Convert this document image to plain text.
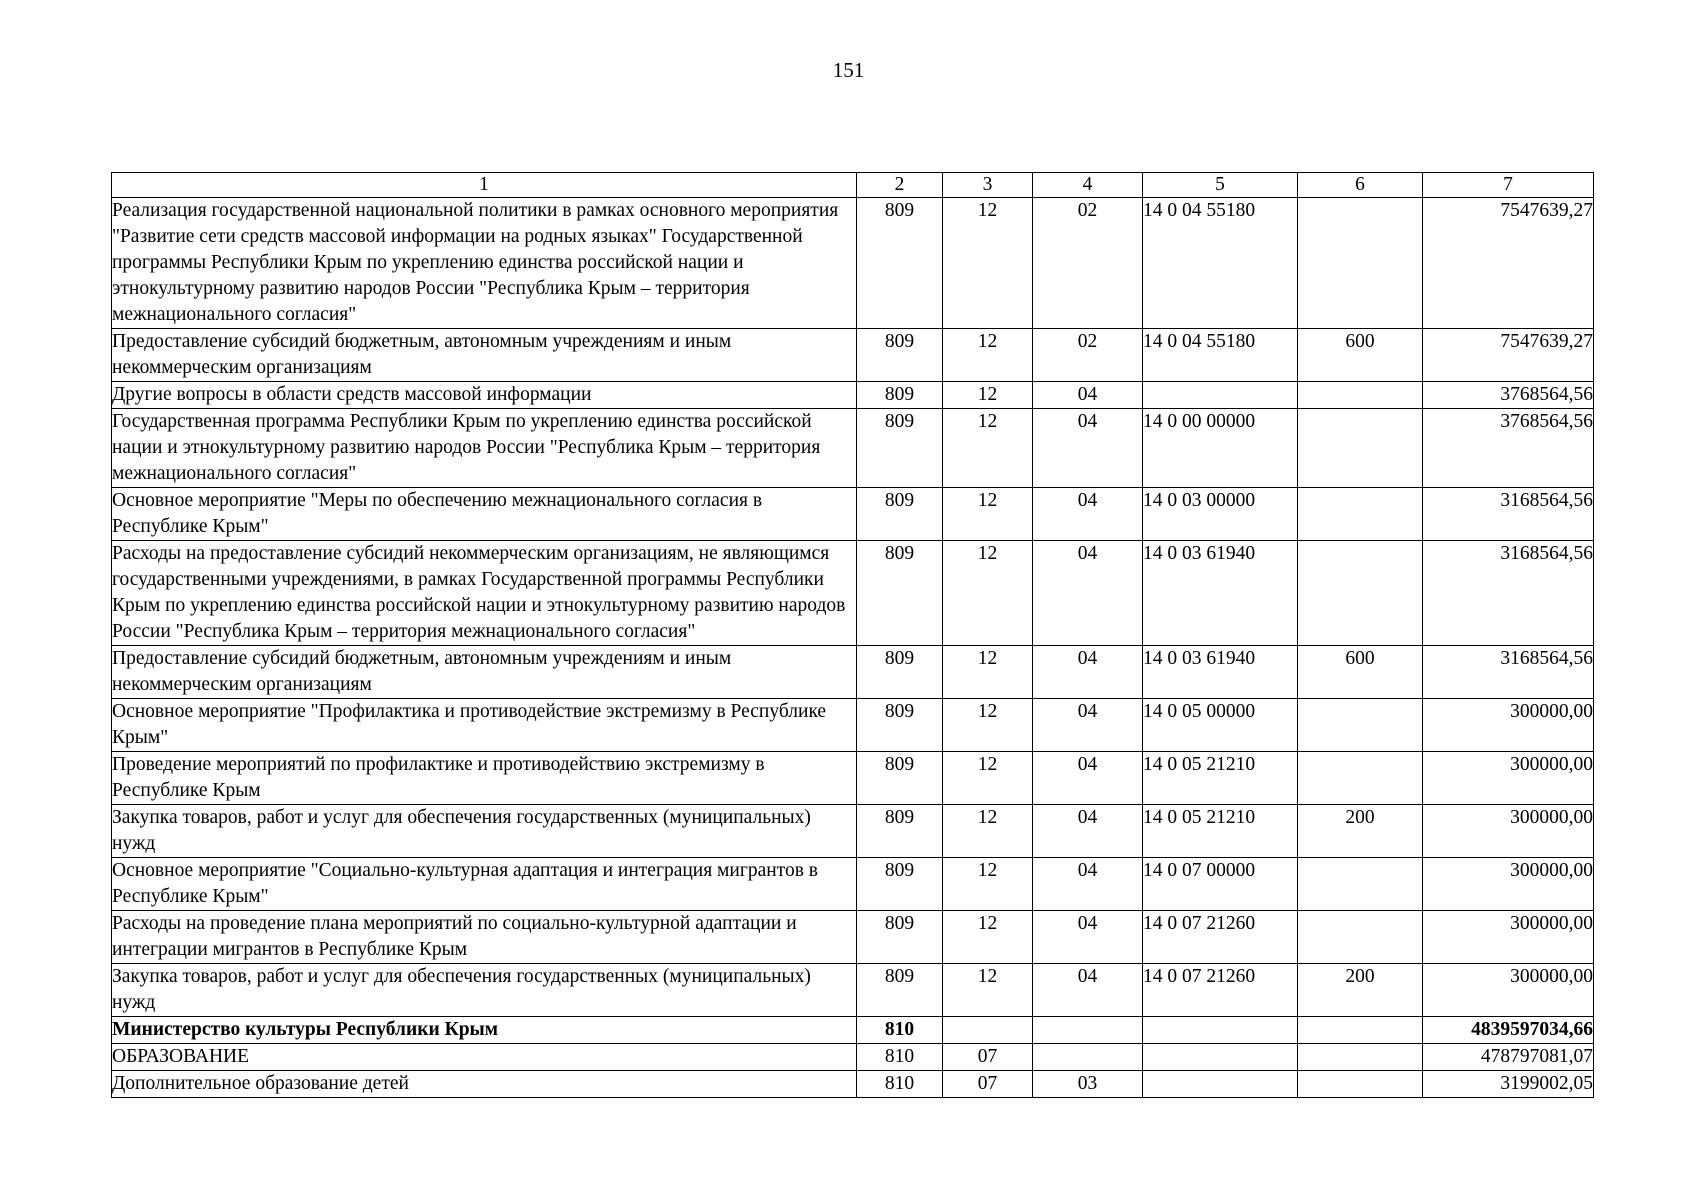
151
1	2	3	4	5	6	7
Реализация государственной национальной политики в рамках основного мероприятия "Развитие сети средств массовой информации на родных языках" Государственной программы Республики Крым по укреплению единства российской нации и этнокультурному развитию народов России "Республика Крым – территория межнационального согласия"	809	12	02	14 0 04 55180		7547639,27
Предоставление субсидий бюджетным, автономным учреждениям и иным некоммерческим организациям	809	12	02	14 0 04 55180	600	7547639,27
Другие вопросы в области средств массовой информации	809	12	04			3768564,56
Государственная программа Республики Крым по укреплению единства российской нации и этнокультурному развитию народов России "Республика Крым – территория межнационального согласия"	809	12	04	14 0 00 00000		3768564,56
Основное мероприятие "Меры по обеспечению межнационального согласия в Республике Крым"	809	12	04	14 0 03 00000		3168564,56
Расходы на предоставление субсидий некоммерческим организациям, не являющимся государственными учреждениями, в рамках Государственной программы Республики Крым по укреплению единства российской нации и этнокультурному развитию народов России "Республика Крым – территория межнационального согласия"	809	12	04	14 0 03 61940		3168564,56
Предоставление субсидий бюджетным, автономным учреждениям и иным некоммерческим организациям	809	12	04	14 0 03 61940	600	3168564,56
Основное мероприятие "Профилактика и противодействие экстремизму в Республике Крым"	809	12	04	14 0 05 00000		300000,00
Проведение мероприятий по профилактике и противодействию экстремизму в Республике Крым	809	12	04	14 0 05 21210		300000,00
Закупка товаров, работ и услуг для обеспечения государственных (муниципальных) нужд	809	12	04	14 0 05 21210	200	300000,00
Основное мероприятие "Социально-культурная адаптация и интеграция мигрантов в Республике Крым"	809	12	04	14 0 07 00000		300000,00
Расходы на проведение плана мероприятий по социально-культурной адаптации и интеграции мигрантов в Республике Крым	809	12	04	14 0 07 21260		300000,00
Закупка товаров, работ и услуг для обеспечения государственных (муниципальных) нужд	809	12	04	14 0 07 21260	200	300000,00
Министерство культуры Республики Крым	810					4839597034,66
ОБРАЗОВАНИЕ	810	07				478797081,07
Дополнительное образование детей	810	07	03			3199002,05
